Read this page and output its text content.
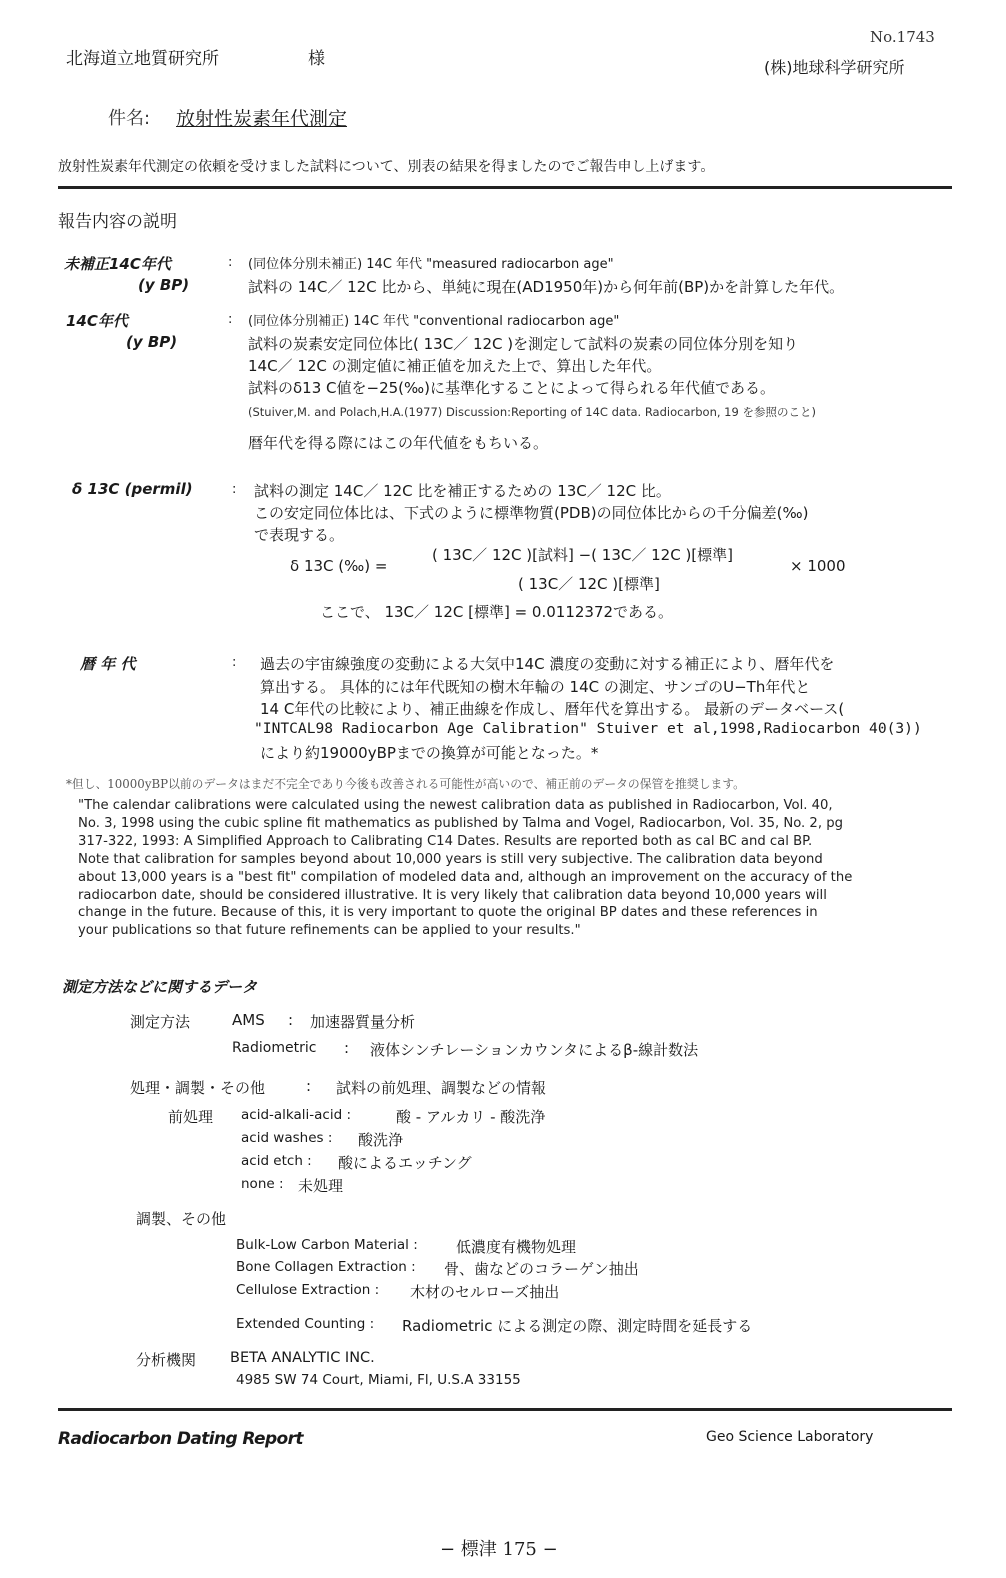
北海道立地質研究所	様
No.1743
(株)地球科学研究所
件名: 放射性炭素年代測定
放射性炭素年代測定の依頼を受けました試料について、別表の結果を得ましたのでご報告申し上げます。
報告内容の説明
未補正14C年代
(y BP)
: (同位体分別未補正) 14C 年代 "measured radiocarbon age"
試料の 14C／ 12C 比から、単純に現在(AD1950年)から何年前(BP)かを計算した年代。
14C年代
(y BP)
: (同位体分別補正) 14C 年代 "conventional radiocarbon age"
試料の炭素安定同位体比( 13C／ 12C )を測定して試料の炭素の同位体分別を知り
14C／ 12C の測定値に補正値を加えた上で、算出した年代。
試料のδ13 C値を−25(‰)に基準化することによって得られる年代値である。
(Stuiver,M. and Polach,H.A.(1977) Discussion:Reporting of 14C data. Radiocarbon, 19 を参照のこと)
暦年代を得る際にはこの年代値をもちいる。
δ 13C (permil)	: 試料の測定 14C／ 12C 比を補正するための 13C／ 12C 比。
この安定同位体比は、下式のように標準物質(PDB)の同位体比からの千分偏差(‰)
で表現する。
δ 13C (‰) =
( 13C／ 12C )[試料] −( 13C／ 12C )[標準]
( 13C／ 12C )[標準]
× 1000
ここで、 13C／ 12C [標準] = 0.0112372である。
暦 年 代	: 過去の宇宙線強度の変動による大気中14C 濃度の変動に対する補正により、暦年代を
算出する。 具体的には年代既知の樹木年輪の 14C の測定、サンゴのU−Th年代と
14 C年代の比較により、補正曲線を作成し、暦年代を算出する。 最新のデータベース(
"INTCAL98 Radiocarbon Age Calibration" Stuiver et al,1998,Radiocarbon 40(3))
により約19000yBPまでの換算が可能となった。*
*但し、10000yBP以前のデータはまだ不完全であり今後も改善される可能性が高いので、補正前のデータの保管を推奨します。
"The calendar calibrations were calculated using the newest calibration data as published in Radiocarbon, Vol. 40,
No. 3, 1998 using the cubic spline fit mathematics as published by Talma and Vogel, Radiocarbon, Vol. 35, No. 2, pg
317-322, 1993: A Simplified Approach to Calibrating C14 Dates. Results are reported both as cal BC and cal BP.
Note that calibration for samples beyond about 10,000 years is still very subjective. The calibration data beyond
about 13,000 years is a "best fit" compilation of modeled data and, although an improvement on the accuracy of the
radiocarbon date, should be considered illustrative. It is very likely that calibration data beyond 10,000 years will
change in the future. Because of this, it is very important to quote the original BP dates and these references in
your publications so that future refinements can be applied to your results."
測定方法などに関するデータ
測定方法	AMS : 加速器質量分析
Radiometric : 液体シンチレーションカウンタによるβ-線計数法
処理・調製・その他	: 試料の前処理、調製などの情報
前処理 acid-alkali-acid :	酸 - アルカリ - 酸洗浄
acid washes : 酸洗浄
acid etch : 酸によるエッチング
none : 未処理
調製、その他
Bulk-Low Carbon Material :	低濃度有機物処理
Bone Collagen Extraction : 骨、歯などのコラーゲン抽出
Cellulose Extraction : 木材のセルローズ抽出
Extended Counting : Radiometric による測定の際、測定時間を延長する
分析機関 BETA ANALYTIC INC.
4985 SW 74 Court, Miami, Fl, U.S.A 33155
Radiocarbon Dating Report	Geo Science Laboratory
− 標津 175 −
